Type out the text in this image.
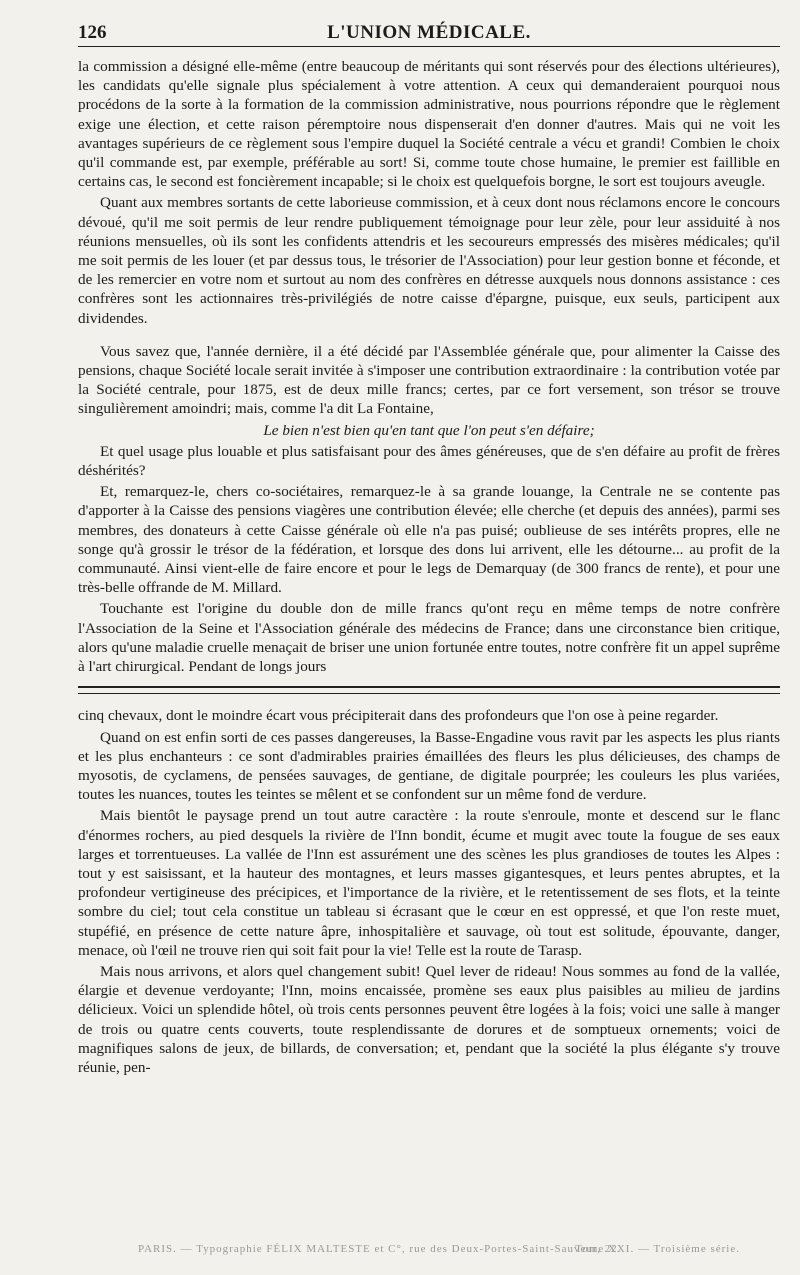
126	L'UNION MÉDICALE.

la commission a désigné elle-même (entre beaucoup de méritants qui sont réservés pour des élections ultérieures), les candidats qu'elle signale plus spécialement à votre attention. A ceux qui demanderaient pourquoi nous procédons de la sorte à la formation de la commission administrative, nous pourrions répondre que le règlement exige une élection, et cette raison péremptoire nous dispenserait d'en donner d'autres. Mais qui ne voit les avantages supérieurs de ce règlement sous l'empire duquel la Société centrale a vécu et grandi! Combien le choix qu'il commande est, par exemple, préférable au sort! Si, comme toute chose humaine, le premier est faillible en certains cas, le second est foncièrement incapable; si le choix est quelquefois borgne, le sort est toujours aveugle.

Quant aux membres sortants de cette laborieuse commission, et à ceux dont nous réclamons encore le concours dévoué, qu'il me soit permis de leur rendre publiquement témoignage pour leur zèle, pour leur assiduité à nos réunions mensuelles, où ils sont les confidents attendris et les secoureurs empressés des misères médicales; qu'il me soit permis de les louer (et par dessus tous, le trésorier de l'Association) pour leur gestion bonne et féconde, et de les remercier en votre nom et surtout au nom des confrères en détresse auxquels nous donnons assistance : ces confrères sont les actionnaires très-privilégiés de notre caisse d'épargne, puisque, eux seuls, participent aux dividendes.

Vous savez que, l'année dernière, il a été décidé par l'Assemblée générale que, pour alimenter la Caisse des pensions, chaque Société locale serait invitée à s'imposer une contribution extraordinaire : la contribution votée par la Société centrale, pour 1875, est de deux mille francs; certes, par ce fort versement, son trésor se trouve singulièrement amoindri; mais, comme l'a dit La Fontaine,

Le bien n'est bien qu'en tant que l'on peut s'en défaire;

Et quel usage plus louable et plus satisfaisant pour des âmes généreuses, que de s'en défaire au profit de frères déshérités?

Et, remarquez-le, chers co-sociétaires, remarquez-le à sa grande louange, la Centrale ne se contente pas d'apporter à la Caisse des pensions viagères une contribution élevée; elle cherche (et depuis des années), parmi ses membres, des donateurs à cette Caisse générale où elle n'a pas puisé; oublieuse de ses intérêts propres, elle ne songe qu'à grossir le trésor de la fédération, et lorsque des dons lui arrivent, elle les détourne... au profit de la communauté. Ainsi vient-elle de faire encore et pour le legs de Demarquay (de 300 francs de rente), et pour une très-belle offrande de M. Millard.

Touchante est l'origine du double don de mille francs qu'ont reçu en même temps de notre confrère l'Association de la Seine et l'Association générale des médecins de France; dans une circonstance bien critique, alors qu'une maladie cruelle menaçait de briser une union fortunée entre toutes, notre confrère fit un appel suprême à l'art chirurgical. Pendant de longs jours

cinq chevaux, dont le moindre écart vous précipiterait dans des profondeurs que l'on ose à peine regarder.

Quand on est enfin sorti de ces passes dangereuses, la Basse-Engadine vous ravit par les aspects les plus riants et les plus enchanteurs : ce sont d'admirables prairies émaillées des fleurs les plus délicieuses, des champs de myosotis, de cyclamens, de pensées sauvages, de gentiane, de digitale pourprée; les couleurs les plus variées, toutes les nuances, toutes les teintes se mêlent et se confondent sur un même fond de verdure.

Mais bientôt le paysage prend un tout autre caractère : la route s'enroule, monte et descend sur le flanc d'énormes rochers, au pied desquels la rivière de l'Inn bondit, écume et mugit avec toute la fougue de ses eaux larges et torrentueuses. La vallée de l'Inn est assurément une des scènes les plus grandioses de toutes les Alpes : tout y est saisissant, et la hauteur des montagnes, et leurs masses gigantesques, et leurs pentes abruptes, et la profondeur vertigineuse des précipices, et l'importance de la rivière, et le retentissement de ses flots, et la teinte sombre du ciel; tout cela constitue un tableau si écrasant que le cœur en est oppressé, et que l'on reste muet, stupéfié, en présence de cette nature âpre, inhospitalière et sauvage, où tout est solitude, épouvante, danger, menace, où l'œil ne trouve rien qui soit fait pour la vie! Telle est la route de Tarasp.

Mais nous arrivons, et alors quel changement subit! Quel lever de rideau! Nous sommes au fond de la vallée, élargie et devenue verdoyante; l'Inn, moins encaissée, promène ses eaux plus paisibles au milieu de jardins délicieux. Voici un splendide hôtel, où trois cents personnes peuvent être logées à la fois; voici une salle à manger de trois ou quatre cents couverts, toute resplendissante de dorures et de somptueux ornements; voici de magnifiques salons de jeux, de billards, de conversation; et, pendant que la société la plus élégante s'y trouve réunie, pen-

PARIS. — Typographie FÉLIX MALTESTE et C°, rue des Deux-Portes-Saint-Sauveur, 22.
Tome XXI. — Troisième série.
